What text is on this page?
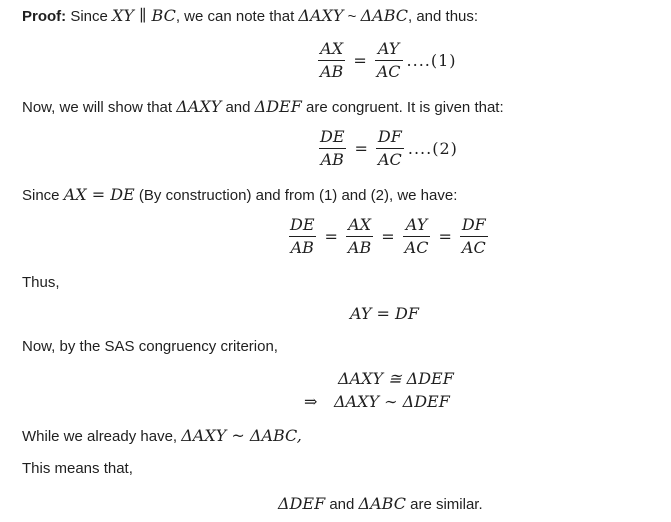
Proof: Since XY ∥ BC, we can note that ΔAXY ~ ΔABC, and thus:
$\frac{AX}{AB} = \frac{AY}{AC} ....(1)$
Now, we will show that ΔAXY and ΔDEF are congruent. It is given that:
$\frac{DE}{AB} = \frac{DF}{AC} ....(2)$
Since AX = DE (By construction) and from (1) and (2), we have:
$\frac{DE}{AB} = \frac{AX}{AB} = \frac{AY}{AC} = \frac{DF}{AC}$
Thus,
AY = DF
Now, by the SAS congruency criterion,
ΔAXY ≅ ΔDEF
⇒ ΔAXY ∼ ΔDEF
While we already have, ΔAXY ~ ΔABC,
This means that,
ΔDEF and ΔABC are similar.
